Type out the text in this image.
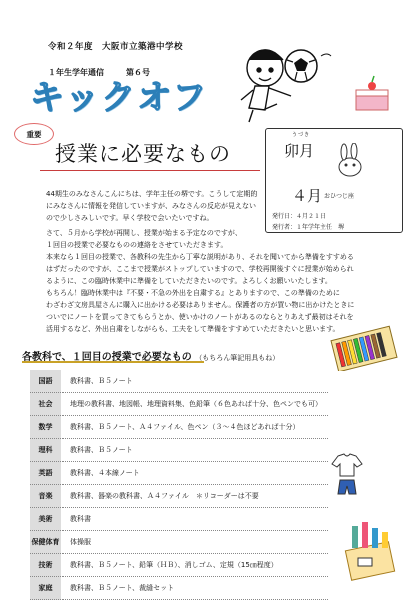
令和２年度　大阪市立築港中学校
１年生学年通信	第６号
キックオフ
重要
授業に必要なもの
うづき
卯月
４月 おひつじ座
発行日：４月２１日
発行者：１年学年主任　堺
44期生のみなさんこんにちは、学年主任の堺です。こうして定期的にみなさんに情報を発信していますが、みなさんの反応が見えないので少しさみしいです。早く学校で会いたいですね。

さて、５月から学校が再開し、授業が始まる予定なのですが、

１回目の授業で必要なものの連絡をさせていただきます。

本来なら１回目の授業で、各教科の先生から丁寧な説明があり、それを聞いてから準備をすすめる

はずだったのですが、ここまで授業がストップしていますので、学校再開後すぐに授業が始められ

るように、この臨時休業中に準備をしていただきたいのです。よろしくお願いいたします。

もちろん！臨時休業中は『不要・不急の外出を自粛する』とありますので、この準備のために

わざわざ文房具屋さんに購入に出かける必要はありません。保護者の方が買い物に出かけたときに

ついでにノートを買ってきてもらうとか、使いかけのノートがあるのならとりあえず最初はそれを

活用するなど、外出自粛をしながらも、工夫をして準備をすすめていただきたいと思います。

各教科で、１回目の授業で必要なもの （もちろん筆記用具もね）
国語	教科書、Ｂ５ノート
社会	地理の教科書、地図帳、地理資料集、色鉛筆（６色あれば十分、色ペンでも可）
数学	教科書、Ｂ５ノート、Ａ４ファイル、色ペン（３～４色ほどあれば十分）
理科	教科書、Ｂ５ノート
英語	教科書、４本線ノート
音楽	教科書、器楽の教科書、Ａ４ファイル　＊リコーダーは不要
美術	教科書
保健体育	体操服
技術	教科書、Ｂ５ノート、鉛筆（ＨＢ）、消しゴム、定規（15㎝程度）
家庭	教科書、Ｂ５ノート、裁縫セット
